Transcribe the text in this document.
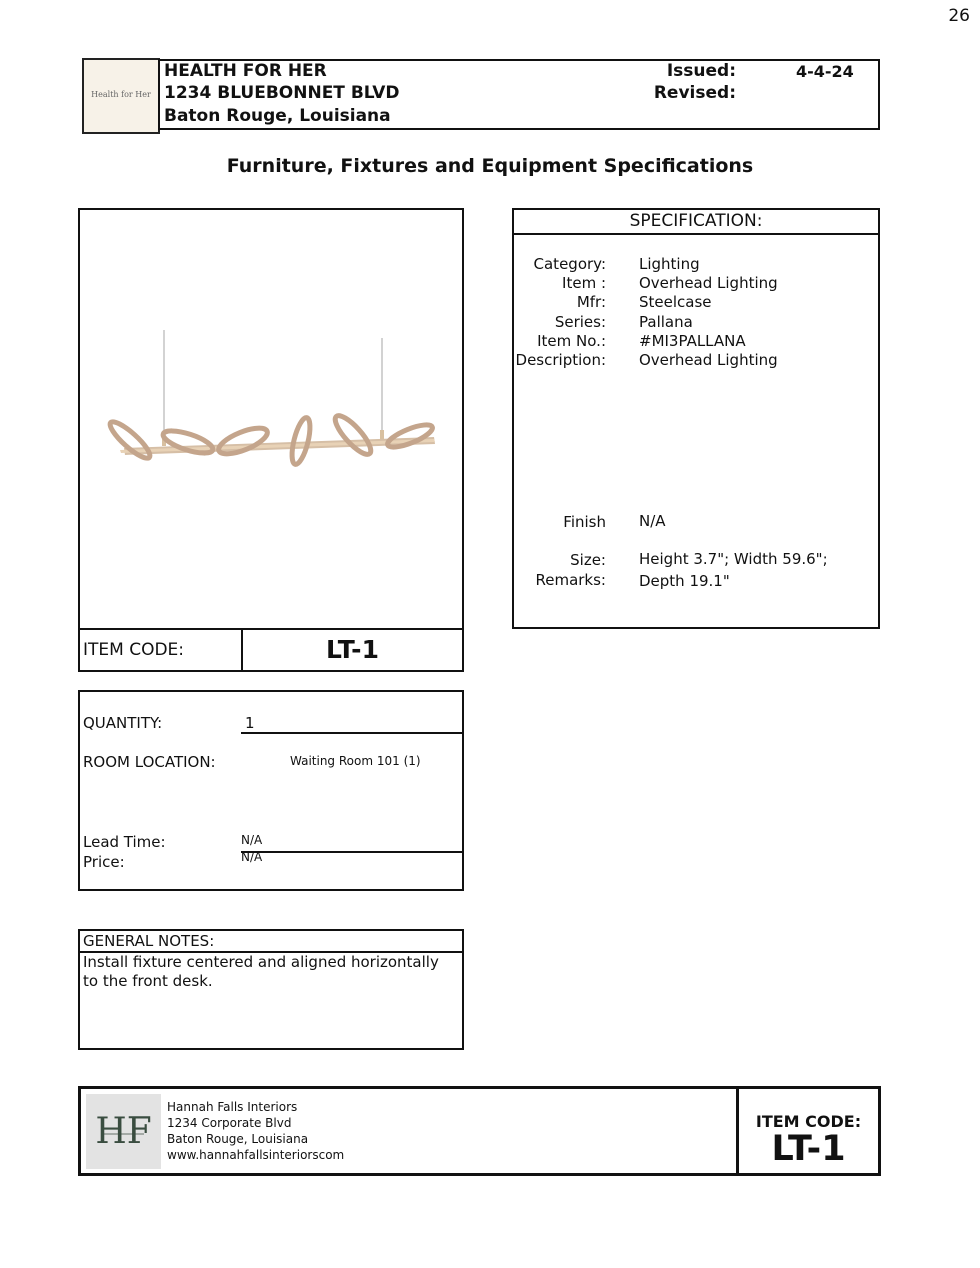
26
Health for Her
HEALTH FOR HER
1234 BLUEBONNET BLVD
Baton Rouge, Louisiana
Issued:	4-4-24
Revised:
Furniture, Fixtures and Equipment Specifications
ITEM CODE:	LT-1
SPECIFICATION:
Category: Lighting
Item : Overhead Lighting
Mfr: Steelcase
Series: Pallana
Item No.: #MI3PALLANA
Description: Overhead Lighting
Finish N/A
Size: Height 3.7"; Width 59.6";
Remarks: Depth 19.1"
QUANTITY:	1
ROOM LOCATION:	Waiting Room 101 (1)
Lead Time:	N/A
Price:	N/A
GENERAL NOTES:
Install fixture centered and aligned horizontally to the front desk.
HF
Hannah Falls Interiors
1234 Corporate Blvd
Baton Rouge, Louisiana
www.hannahfallsinteriorscom
ITEM CODE:
LT-1
